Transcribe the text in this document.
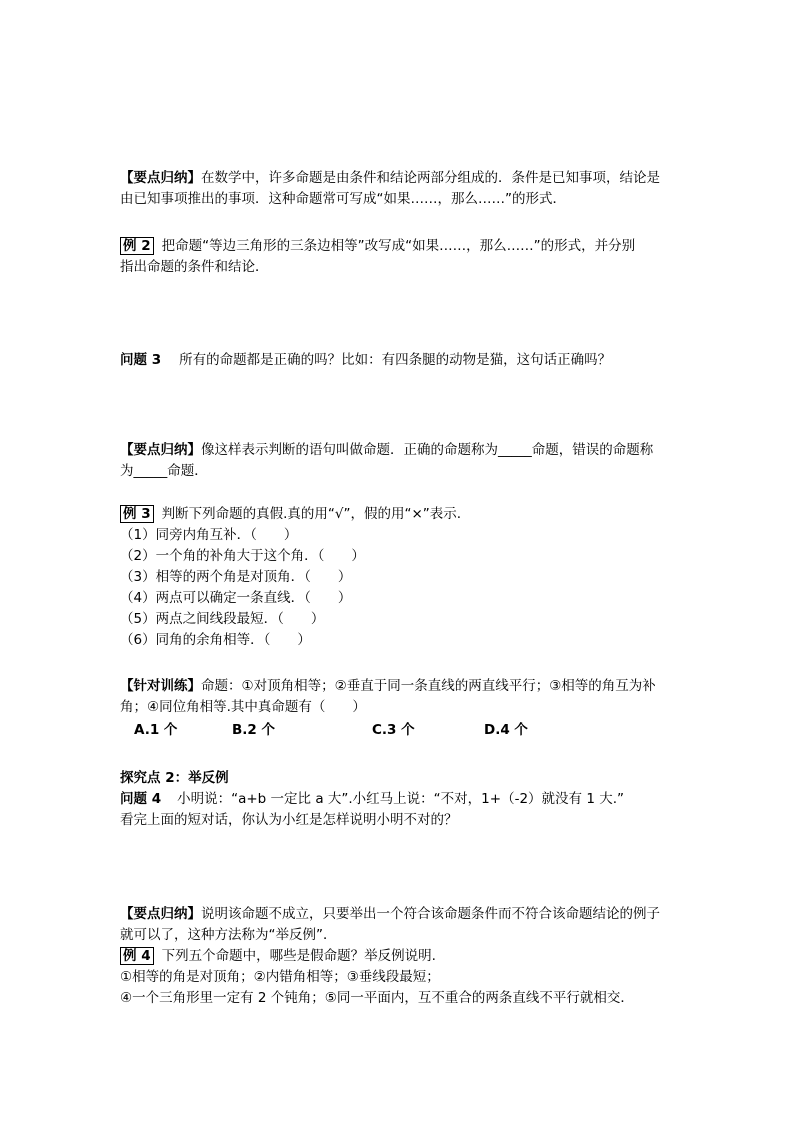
【要点归纳】在数学中，许多命题是由条件和结论两部分组成的．条件是已知事项，结论是
由已知事项推出的事项．这种命题常可写成“如果……，那么……”的形式．
例 2 把命题“等边三角形的三条边相等”改写成“如果……，那么……”的形式，并分别
指出命题的条件和结论．
问题 3 所有的命题都是正确的吗？比如：有四条腿的动物是猫，这句话正确吗？
【要点归纳】像这样表示判断的语句叫做命题．正确的命题称为_____命题，错误的命题称
为_____命题．
例 3 判断下列命题的真假.真的用“√”，假的用“×”表示.
（1）同旁内角互补．（　　）
（2）一个角的补角大于这个角．（　　）
（3）相等的两个角是对顶角．（　　）
（4）两点可以确定一条直线．（　　）
（5）两点之间线段最短．（　　）
（6）同角的余角相等．（　　）
【针对训练】命题：①对顶角相等；②垂直于同一条直线的两直线平行；③相等的角互为补
角；④同位角相等.其中真命题有（　　）
A.1 个	B.2 个	C.3 个	D.4 个
探究点 2：举反例
问题 4 小明说：“a+b 一定比 a 大”.小红马上说：“不对，1+（-2）就没有 1 大.”
看完上面的短对话，你认为小红是怎样说明小明不对的？
【要点归纳】说明该命题不成立，只要举出一个符合该命题条件而不符合该命题结论的例子
就可以了，这种方法称为“举反例”．
例 4 下列五个命题中，哪些是假命题？举反例说明.
①相等的角是对顶角；②内错角相等；③垂线段最短；
④一个三角形里一定有 2 个钝角；⑤同一平面内，互不重合的两条直线不平行就相交．
